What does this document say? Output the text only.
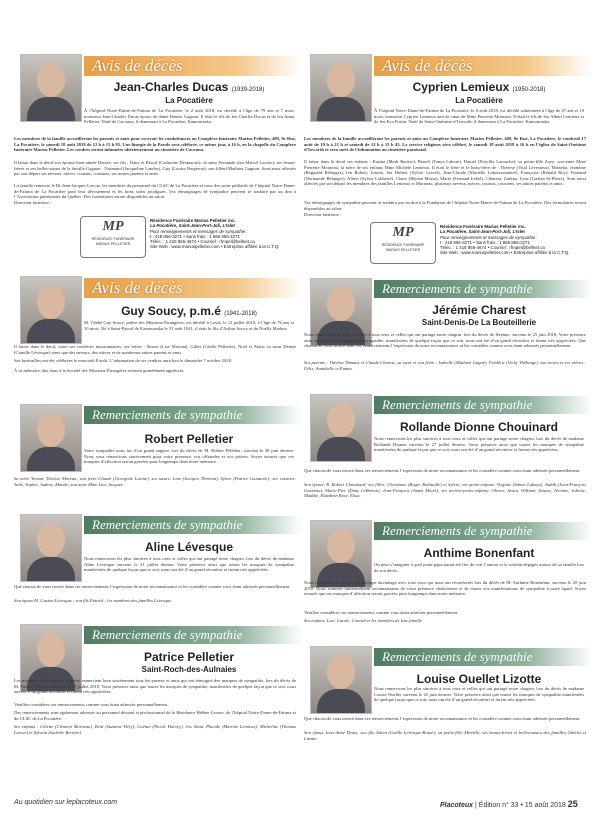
Avis de décès
Jean-Charles Ducas (1939-2018)
La Pocatière
À l’hôpital Notre-Dame-de-Fatima de La Pocatière, le 2 août 2018, est décédé à l’âge de 79 ans et 7 mois monsieur Jean-Charles Ducas époux de dame Denise Gagnon. Il était le fils de feu Charles Ducas et de feu Anna Pelletier. Natif de Cacouna, il demeurait à La Pocatière, Kamouraska.
Les membres de la famille accueilleront les parents et amis pour recevoir les condoléances au Complexe funéraire Marius Pelletier, 409, 9e Rue, La Pocatière, le samedi 18 août 2018 de 12 h à 15 h 95. Une liturgie de la Parole sera célébrée, ce même jour, à 16 h, en la chapelle du Complexe funéraire Marius Pelletier. Les cendres seront inhumées ultérieurement au cimetière de Cacouna.
Il laisse dans le deuil son épouse bien-aimée Denise; ses fils : Dany et Pascal (Catherine Desmarais); sa sœur Fernande (feu Marcel Lavoie); ses beaux-frères et ses belles-sœurs de la famille Gagnon : Normand (Jacqueline Landry), Guy (Louise Bergeron); son filleul Mathieu Gagnon. Sont aussi affectés par son départ ses neveux, nièces, cousins, cousines, ses autres parents et amis.
La famille remercie le Dr Jean-Jacques Lavoie, les membres du personnel du CLSC de La Pocatière et ceux des soins palliatifs de l’hôpital Notre-Dame-de-Fatima de La Pocatière pour leur dévouement et les bons soins prodigués. Vos témoignages de sympathie peuvent se traduire par un don à l’Association pulmonaire du Québec. Des formulaires seront disponibles au salon.
Direction funéraire :
MP
RÉSIDENCE FUNÉRAIRE
MARIUS PELLETIER
Résidence Funéraire Marius Pelletier inc.
La Pocatière, Saint-Jean-Port-Joli, L’Islet
Pour renseignements et messages de sympathie :
t : 418 856-3271 • Sans frais : 1 866 856-3271
Téléc. : 1 418 856-4674 • Courriel : rfmpel@bellnet.ca
Site Web : www.mariuspelletier.com • Entreprise affiliée à la C.T.Q.
Avis de décès
Cyprien Lemieux (1950-2018)
La Pocatière
À l’hôpital Notre-Dame-de-Fatima de La Pocatière, le 8 août 2018, est décédé subitement à l’âge de 67 ans et 10 mois, monsieur Cyprien Lemieux ami de cœur de Mme Pierrette Morneau. Il était le fils de feu Albert Lemieux et de feu Eva Fortin. Natif de Saint-Onésime-d’Ixworth, il demeurait à La Pocatière, Kamouraska.
Les membres de la famille accueilleront les parents et amis au Complexe funéraire Marius Pelletier, 409, 9e Rue, La Pocatière, le vendredi 17 août de 19 h à 21 h et samedi de 12 h à 15 h 45. Le service religieux sera célébré, le samedi 18 août 2018 à 16 h en l’église de Saint-Onésime d’Ixworth et sera suivi de l’inhumation au cimetière paroissial.
Il laisse dans le deuil ses enfants : Karina (Mark Backer), Benoît (Tanya Labore), Daniel (Priscilla Larouche); sa petite-fille Zoey; son amie Mme Pierrette Morneau; la mère de ses enfants Mme Michèle Lemieux. Il était le frère et le beau-frère de : Thérèse (Vital Lévesseur), Marietta, Jeannine (Réginald Bélanger), feu Robert, Josette, feu Hubert (Sylvie Gravel), Jean-Claude (Marielle Laboissonnière), Françoise (Rénald Roy), Fernand (Normande Bélanger), Albert (Sylvie Laliberté), Claire (Réjean Morin), Marie (Fernand Lebel), Clément, Gaétan, Lyne (Gaétan St-Pierre). Sont aussi affectés par son départ les membres des familles Lemieux et Morneau, plusieurs neveux, nièces, cousins, cousines, ses autres parents et amis.
Vos témoignages de sympathie peuvent se traduire par un don à la Fondation de l’hôpital Notre-Dame-de-Fatima de La Pocatière. Des formulaires seront disponibles au salon.
Direction funéraire :
MP
RÉSIDENCE FUNÉRAIRE
MARIUS PELLETIER
Résidence Funéraire Marius Pelletier inc.
La Pocatière, Saint-Jean-Port-Joli, L’Islet
Pour renseignements et messages de sympathie :
t : 418 856-3271 • Sans frais : 1 866 856-3271
Téléc. : 1 418 856-4674 • Courriel : rfmpel@bellnet.ca
Site Web : www.mariuspelletier.com • Entreprise affiliée à la C.T.Q.
Avis de décès
Guy Soucy, p.m.é (1941-2018)
M. l’abbé Guy Soucy, prêtre des Missions-Étrangères, est décédé à Laval, le 12 juillet 2018, à l’âge de 76 ans et 10 mois. Né à Saint-Pascal de Kamouraska le 31 août 1941, il était le fils d’Arthur Soucy et de Noëlla Madore.
Il laisse dans le deuil, outre ses confrères missionnaires, ses frères : Simon (Lise Moreau), Gilles (Gisèle Pelletier), Noël et Alain; sa sœur Denise (Camille Lévesque) ainsi que des neveux, des nièces et de nombreux autres parents et amis.
Ses funérailles ont été célébrées le mercredi 8 août. L’inhumation de ses cendres aura lieu le dimanche 7 octobre 2018.
À sa mémoire, des dons à la Société des Missions-Étrangères seraient grandement appréciés.
Remerciements de sympathie
Jérémie Charest
Saint-Denis-De La Bouteillerie
Nous remercions les plus sincères à tous ceux et celles qui ont partagé notre chagrin, lors du décès de Jérémie, survenu le 25 juin 2018. Votre présence ainsi que toutes les marques de sympathie, manifestées de quelque façon que ce soit, nous ont été d’un grand réconfort et furent très appréciées. Que chacun de vous trouve dans ces remerciements l’expression de notre reconnaissance et les considère comme vous étant adressés personnellement.
Ses parents : Thérèse Dumais et Claude Charest; sa sœur et son frère : Isabelle (Mathieu Gagné), Frédéric (Vicky Théberge), son neveu et ses nièces : Félix, Annabelle et Emma.
Remerciements de sympathie
Robert Pelletier
Votre sympathie nous fut d’un grand support lors du décès de M. Robert Pelletier, survenu le 30 juin dernier. Nous vous remercions sincèrement pour votre présence, vos offrandes et vos prières. Soyez assurés que ces marques d’affection seront gravées pour longtemps dans notre mémoire.
Sa mère Yvonne Thérèse Moreau; son frère Claude (Georgette Lizotte), ses sœurs: Line (Jacques Thoreau), Sylvie (Patrice Gamache); ses voisines: Julie, Sophie, Audrey, Maude; son amie Mme Line Jacques.
Remerciements de sympathie
Rollande Dionne Chouinard
Nous remercions les plus sincères à tous ceux et celles qui ont partagé notre chagrin, lors du décès de madame Rollande Dionne survenu le 27 juillet dernier. Votre présence ainsi que toutes les marques de sympathie manifestées de quelque façon que ce soit, nous ont été d’un grand réconfort et furent très appréciées.
Que chacun de vous trouve dans ces remerciements l’expression de notre reconnaissance et les considère comme vous étant adressés personnellement.
Son époux: R. Robert Chouinard; ses filles: Christiane (Roger Robitaille) et Sylvie; ses petits-enfants: Virginie (Simon Lahaye), Judith (Jean-François Guenette), Marie-Pier (Dany LeBreton), Jean-François (Anaïs Morel); ses arrière-petits-enfants: Olivier, Justin, William, Ariane, Jérémie, Juliette, Maddie, Elizabeth Rose, Elisa.
Remerciements de sympathie
Aline Lévesque
Nous remercions les plus sincères à tous ceux et celles qui ont partagé notre chagrin, lors du décès de madame Aline Lévesque survenu le 21 juillet dernier. Votre présence ainsi que toutes les marques de sympathie manifestées de quelque façon que ce soit, nous ont été d’un grand réconfort et furent très appréciées.
Que chacun de vous trouve dans ces remerciements l’expression de notre reconnaissance et les considère comme vous étant adressés personnellement.
Son époux M. Gaston Lévesque ; son fils Patrick ; les membres des familles Lévesque.
Remerciements de sympathie
Anthime Bonenfant
On peut s’imaginer à quel point papa aurait été fier de voir l’amour et le soutien dégagés autour de sa famille lors de son décès.
Nous regrettons de n’avoir pu partager davantage avec tous ceux qui nous ont réconfortés lors du décès de M. Anthime Bonenfant, survenu le 28 juin 2018. Nous sommes immensément reconnaissants de votre présence chaleureuse et de toutes vos manifestations de sympathie à notre égard. Soyez assurés que ces marques d’affection seront gravées pour longtemps dans notre mémoire.
Veuillez considérer ces remerciements comme vous étant adressés personnellement.
Ses enfants, Lise, Carole, Conrad et les membres de leur famille
Remerciements de sympathie
Patrice Pelletier
Saint-Roch-des-Aulnaies
Les membres de la famille Pelletier remercient bien sincèrement tous les parents et amis qui ont témoigné des marques de sympathie, lors du décès de M. Patrice Pelletier, survenu le 27 juillet 2018. Votre présence ainsi que toutes les marques de sympathie, manifestées de quelque façon que ce soit, nous ont été d’un grand réconfort et furent très appréciées.
Veuillez considérer ces remerciements comme vous étant adressés personnellement.
Des remerciements sont également adressés au personnel dévoué et professionnel de la Résidence Hélène Lavoie, de l’hôpital Notre-Dame-de-Fatima et du CLSC de La Pocatière.
Ses enfants : Colette (Clément Morneau), Réal (Suzanne Héry), Gaétan (Nicole Harvey), Jos Alain, Placide (Martine Lemieux), Micheline (Thomas Lavoie) et Sylvain (Isabelle Bernier).
Remerciements de sympathie
Louise Ouellet Lizotte
Nous remercions les plus sincères à tous ceux et celles qui ont partagé notre chagrin, lors du décès de madame Louise Ouellet survenu le 25 juin dernier. Votre présence ainsi que toutes les marques de sympathie manifestées de quelque façon que ce soit, nous ont été d’un grand réconfort et furent très appréciées.
Que chacun de vous trouve dans ces remerciements l’expression de notre reconnaissance et les considère comme vous étant adressés personnellement.
Son époux Jean-Aimé Denis; son fils Julien (Gaëlle Lévesque-Rossé); sa petite-fille Mireille; ses beaux-frères et belles-sœurs des familles Ouellet et Lizotte.
Au quotidien sur leplacoteux.com	Placoteux | Édition n° 33 • 15 août 2018 25
